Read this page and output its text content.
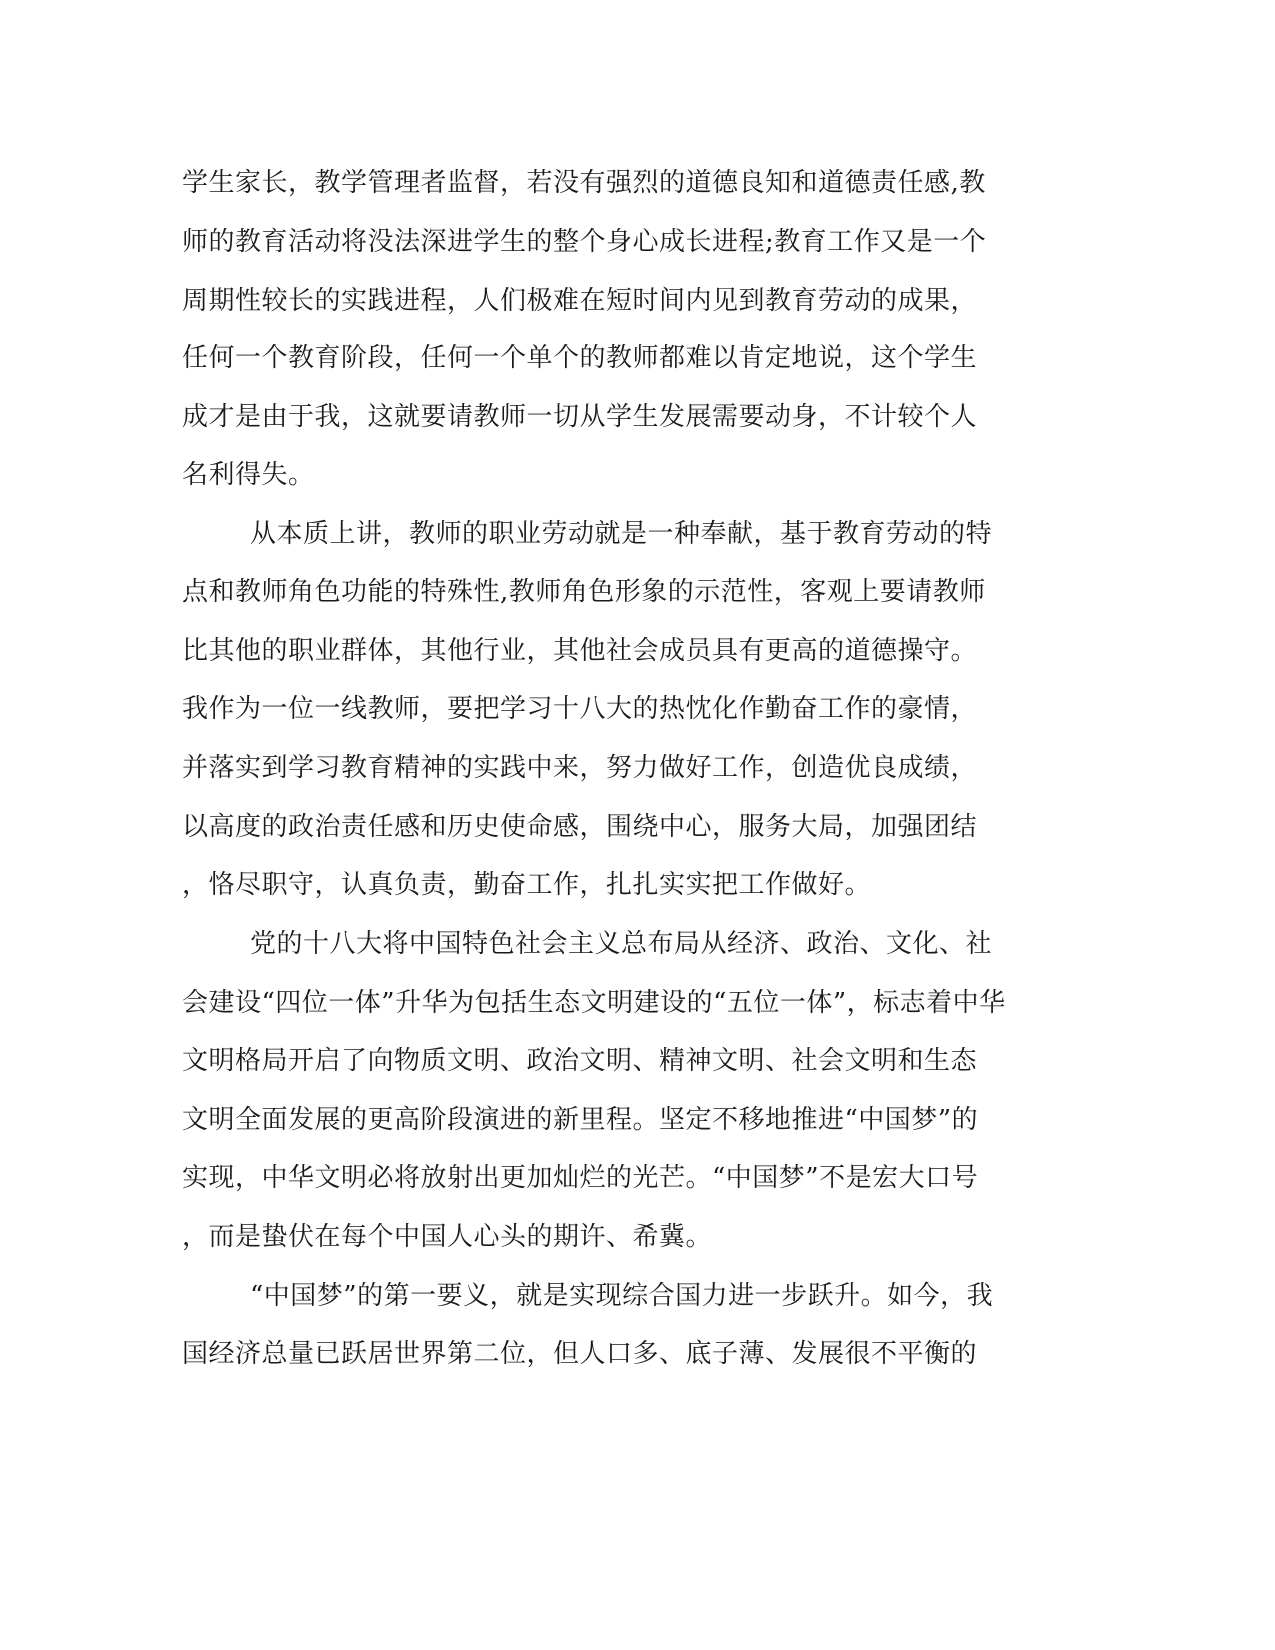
学生家长，教学管理者监督，若没有强烈的道德良知和道德责任感,教
师的教育活动将没法深进学生的整个身心成长进程;教育工作又是一个
周期性较长的实践进程，人们极难在短时间内见到教育劳动的成果，
任何一个教育阶段，任何一个单个的教师都难以肯定地说，这个学生
成才是由于我，这就要请教师一切从学生发展需要动身，不计较个人
名利得失。
从本质上讲，教师的职业劳动就是一种奉献，基于教育劳动的特
点和教师角色功能的特殊性,教师角色形象的示范性，客观上要请教师
比其他的职业群体，其他行业，其他社会成员具有更高的道德操守。
我作为一位一线教师，要把学习十八大的热忱化作勤奋工作的豪情，
并落实到学习教育精神的实践中来，努力做好工作，创造优良成绩，
以高度的政治责任感和历史使命感，围绕中心，服务大局，加强团结
，恪尽职守，认真负责，勤奋工作，扎扎实实把工作做好。
党的十八大将中国特色社会主义总布局从经济、政治、文化、社
会建设“四位一体”升华为包括生态文明建设的“五位一体”，标志着中华
文明格局开启了向物质文明、政治文明、精神文明、社会文明和生态
文明全面发展的更高阶段演进的新里程。坚定不移地推进“中国梦”的
实现，中华文明必将放射出更加灿烂的光芒。“中国梦”不是宏大口号
，而是蛰伏在每个中国人心头的期许、希冀。
“中国梦”的第一要义，就是实现综合国力进一步跃升。如今，我
国经济总量已跃居世界第二位，但人口多、底子薄、发展很不平衡的
